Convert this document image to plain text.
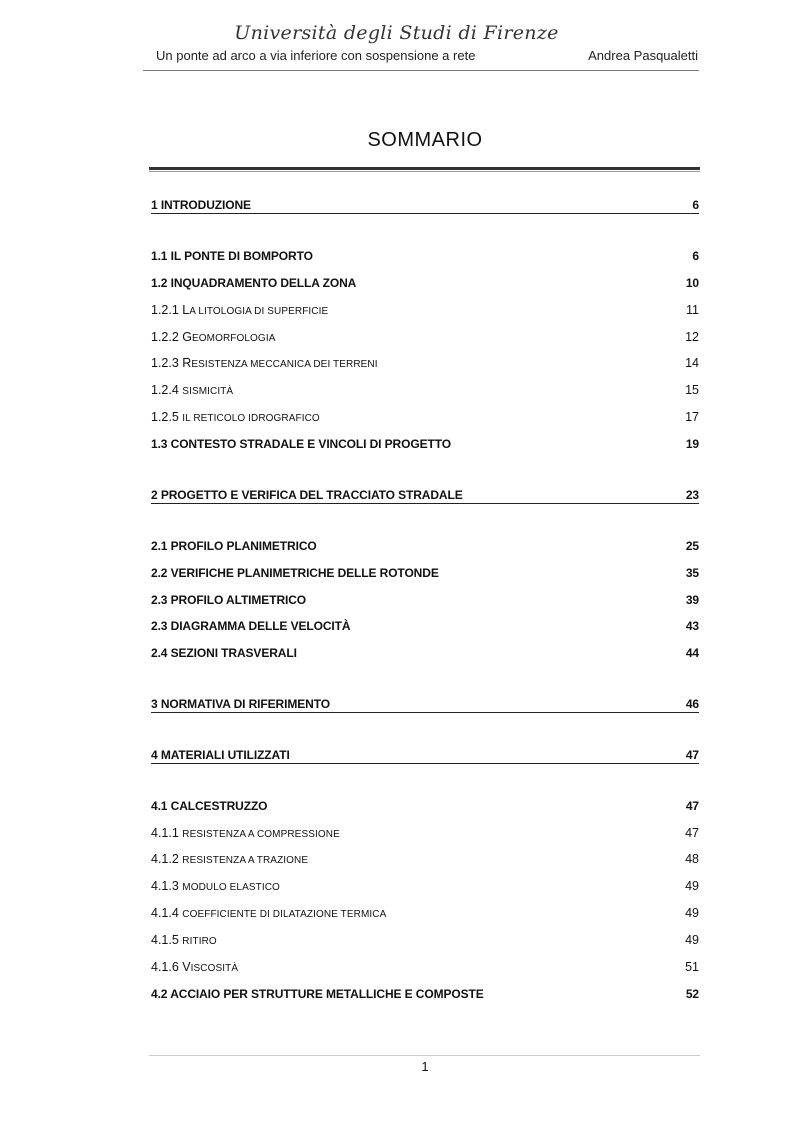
Università degli Studi di Firenze
Un ponte ad arco a via inferiore con sospensione a rete	Andrea Pasqualetti
SOMMARIO
1 INTRODUZIONE	6
1.1 IL PONTE DI BOMPORTO	6
1.2 INQUADRAMENTO DELLA ZONA	10
1.2.1 LA LITOLOGIA DI SUPERFICIE	11
1.2.2 GEOMORFOLOGIA	12
1.2.3 RESISTENZA MECCANICA DEI TERRENI	14
1.2.4 SISMICITÀ	15
1.2.5 IL RETICOLO IDROGRAFICO	17
1.3 CONTESTO STRADALE E VINCOLI DI PROGETTO	19
2 PROGETTO E VERIFICA DEL TRACCIATO STRADALE	23
2.1 PROFILO PLANIMETRICO	25
2.2 VERIFICHE PLANIMETRICHE DELLE ROTONDE	35
2.3 PROFILO ALTIMETRICO	39
2.3 DIAGRAMMA DELLE VELOCITÀ	43
2.4 SEZIONI TRASVERALI	44
3 NORMATIVA DI RIFERIMENTO	46
4 MATERIALI UTILIZZATI	47
4.1 CALCESTRUZZO	47
4.1.1 RESISTENZA A COMPRESSIONE	47
4.1.2 RESISTENZA A TRAZIONE	48
4.1.3 MODULO ELASTICO	49
4.1.4 COEFFICIENTE DI DILATAZIONE TERMICA	49
4.1.5 RITIRO	49
4.1.6 VISCOSITÀ	51
4.2 ACCIAIO PER STRUTTURE METALLICHE E COMPOSTE	52
1
